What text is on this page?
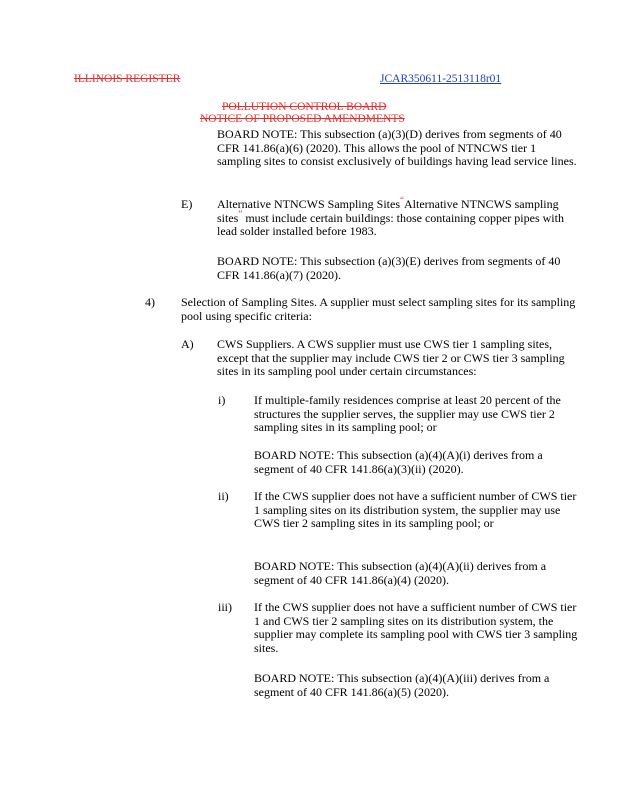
ILLINOIS REGISTER	JCAR350611-2513118r01
POLLUTION CONTROL BOARD
NOTICE OF PROPOSED AMENDMENTS

BOARD NOTE: This subsection (a)(3)(D) derives from segments of 40 CFR 141.86(a)(6) (2020). This allows the pool of NTNCWS tier 1 sampling sites to consist exclusively of buildings having lead service lines.

E) Alternative NTNCWS Sampling Sites“Alternative NTNCWS sampling sites” must include certain buildings: those containing copper pipes with lead solder installed before 1983.

BOARD NOTE: This subsection (a)(3)(E) derives from segments of 40 CFR 141.86(a)(7) (2020).

4) Selection of Sampling Sites. A supplier must select sampling sites for its sampling pool using specific criteria:

A) CWS Suppliers. A CWS supplier must use CWS tier 1 sampling sites, except that the supplier may include CWS tier 2 or CWS tier 3 sampling sites in its sampling pool under certain circumstances:

i) If multiple-family residences comprise at least 20 percent of the structures the supplier serves, the supplier may use CWS tier 2 sampling sites in its sampling pool; or

BOARD NOTE: This subsection (a)(4)(A)(i) derives from a segment of 40 CFR 141.86(a)(3)(ii) (2020).

ii) If the CWS supplier does not have a sufficient number of CWS tier 1 sampling sites on its distribution system, the supplier may use CWS tier 2 sampling sites in its sampling pool; or

BOARD NOTE: This subsection (a)(4)(A)(ii) derives from a segment of 40 CFR 141.86(a)(4) (2020).

iii) If the CWS supplier does not have a sufficient number of CWS tier 1 and CWS tier 2 sampling sites on its distribution system, the supplier may complete its sampling pool with CWS tier 3 sampling sites.

BOARD NOTE: This subsection (a)(4)(A)(iii) derives from a segment of 40 CFR 141.86(a)(5) (2020).
